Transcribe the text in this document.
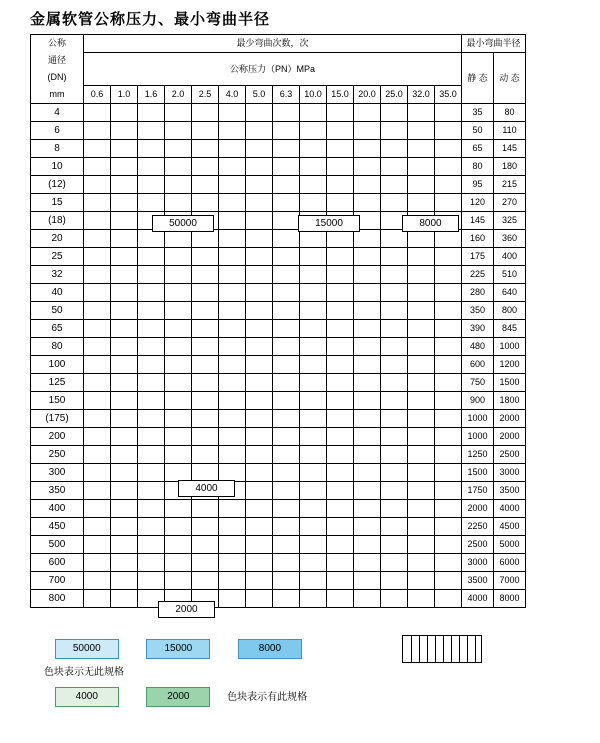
金属软管公称压力、最小弯曲半径
公称
通径
(DN)
mm	最少弯曲次数，次														最小弯曲半径	
	公称压力（PN）MPa														静 态	动 态
	0.6	1.0	1.6	2.0	2.5	4.0	5.0	6.3	10.0	15.0	20.0	25.0	32.0	35.0		
4															35	80
6															50	110
8															65	145
10															80	180
(12)															95	215
15															120	270
(18)															145	325
20															160	360
25															175	400
32															225	510
40															280	640
50															350	800
65															390	845
80															480	1000
100															600	1200
125															750	1500
150															900	1800
(175)															1000	2000
200															1000	2000
250															1250	2500
300															1500	3000
350															1750	3500
400															2000	4000
450															2250	4500
500															2500	5000
600															3000	6000
700															3500	7000
800															4000	8000
50000	15000	8000
4000
2000
50000	15000	8000
色块表示无此规格
4000	2000	色块表示有此规格
